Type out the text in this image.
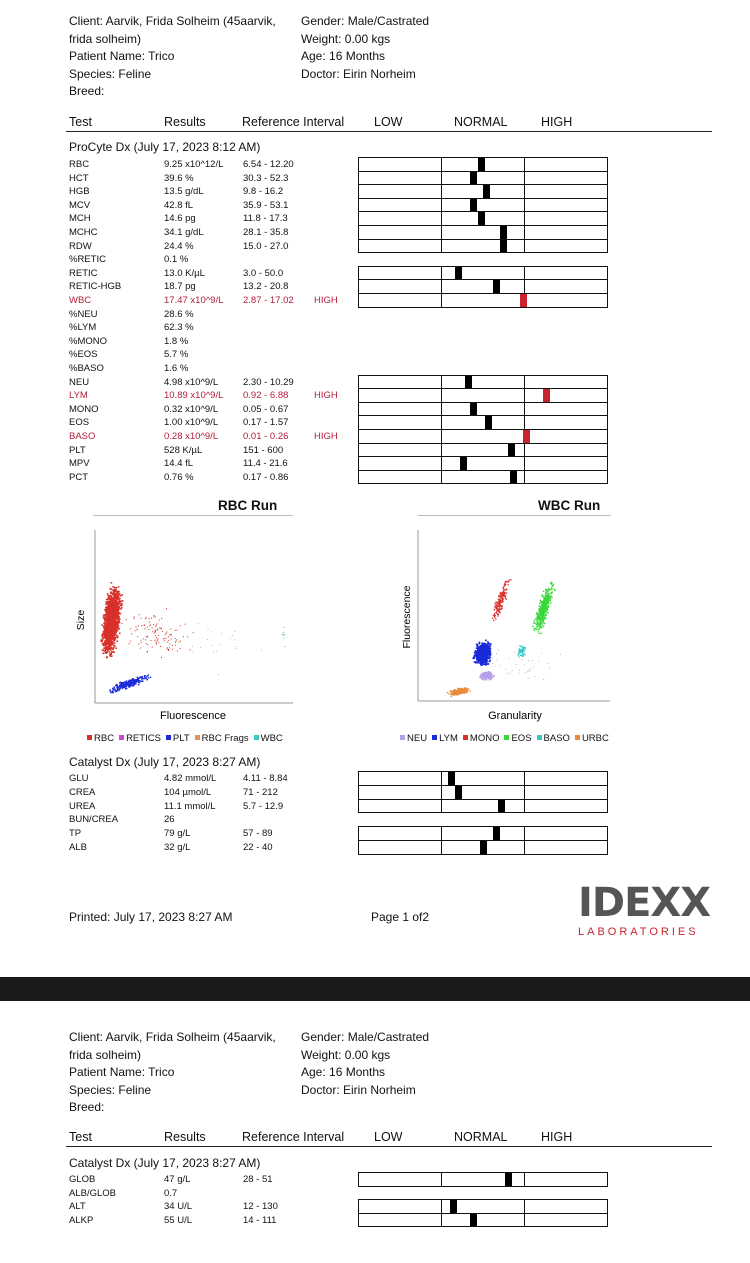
Client: Aarvik, Frida Solheim (45aarvik,
frida solheim)
Patient Name: Trico
Species: Feline
Breed:
Gender: Male/Castrated
Weight: 0.00 kgs
Age: 16 Months
Doctor: Eirin Norheim
Test	Results	Reference Interval LOW	NORMAL	HIGH
ProCyte Dx (July 17, 2023 8:12 AM)
RBC	9.25 x10^12/L 6.54 - 12.20
HCT	39.6 %	30.3 - 52.3
HGB	13.5 g/dL	9.8 - 16.2
MCV	42.8 fL	35.9 - 53.1
MCH	14.6 pg	11.8 - 17.3
MCHC	34.1 g/dL	28.1 - 35.8
RDW	24.4 %	15.0 - 27.0
%RETIC	0.1 %
RETIC	13.0 K/µL	3.0 - 50.0
RETIC-HGB	18.7 pg	13.2 - 20.8
WBC	17.47 x10^9/L 2.87 - 17.02 HIGH
%NEU	28.6 %
%LYM	62.3 %
%MONO	1.8 %
%EOS	5.7 %
%BASO	1.6 %
NEU	4.98 x10^9/L	2.30 - 10.29
LYM	10.89 x10^9/L 0.92 - 6.88	HIGH
MONO	0.32 x10^9/L	0.05 - 0.67
EOS	1.00 x10^9/L	0.17 - 1.57
BASO	0.28 x10^9/L	0.01 - 0.26	HIGH
PLT	528 K/µL	151 - 600
MPV	14.4 fL	11.4 - 21.6
PCT	0.76 %	0.17 - 0.86
RBC Run	WBC Run
Size
Fluorescence
Fluorescence
Granularity
RBC RETICS PLT RBC Frags WBC	NEU LYM MONO EOS BASO URBC
Catalyst Dx (July 17, 2023 8:27 AM)
GLU	4.82 mmol/L	4.11 - 8.84
CREA	104 µmol/L	71 - 212
UREA	11.1 mmol/L	5.7 - 12.9
BUN/CREA	26
TP	79 g/L	57 - 89
ALB	32 g/L	22 - 40
Printed: July 17, 2023 8:27 AM	Page 1 of2	IDEXX
LABORATORIES
Client: Aarvik, Frida Solheim (45aarvik,
frida solheim)
Patient Name: Trico
Species: Feline
Breed:
Gender: Male/Castrated
Weight: 0.00 kgs
Age: 16 Months
Doctor: Eirin Norheim
Test	Results	Reference Interval LOW	NORMAL	HIGH
Catalyst Dx (July 17, 2023 8:27 AM)
GLOB	47 g/L	28 - 51
ALB/GLOB	0.7
ALT	34 U/L	12 - 130
ALKP	55 U/L	14 - 111
